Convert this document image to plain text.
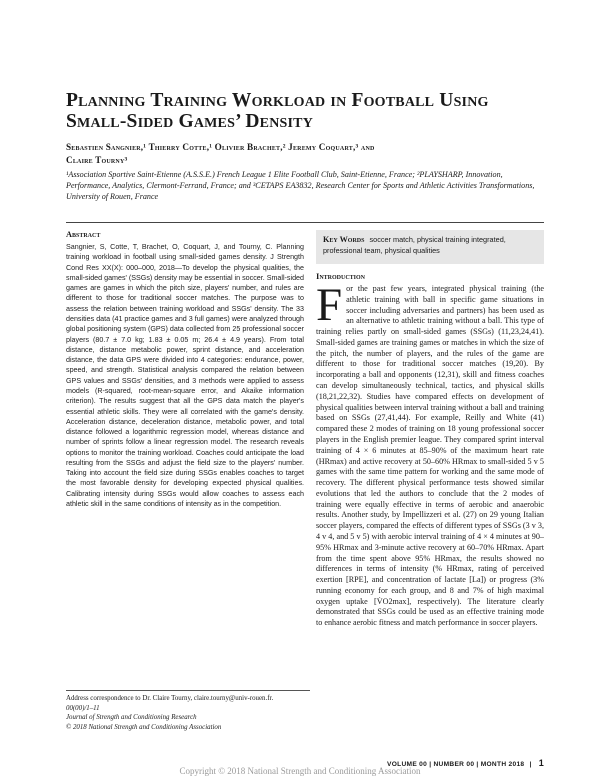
Planning Training Workload in Football Using
Small-Sided Games’ Density
Sebastien Sangnier,¹ Thierry Cotte,¹ Olivier Brachet,² Jeremy Coquart,³ and
Claire Tourny³
¹Association Sportive Saint-Etienne (A.S.S.E.) French League 1 Elite Football Club, Saint-Etienne, France; ²PLAYSHARP, Innovation, Performance, Analytics, Clermont-Ferrand, France; and ³CETAPS EA3832, Research Center for Sports and Athletic Activities Transformations, University of Rouen, France
Abstract
Sangnier, S, Cotte, T, Brachet, O, Coquart, J, and Tourny, C. Planning training workload in football using small-sided games density. J Strength Cond Res XX(X): 000–000, 2018—To develop the physical qualities, the small-sided games' (SSGs) density may be essential in soccer. Small-sided games are games in which the pitch size, players' number, and rules are different to those for traditional soccer matches. The purpose was to assess the relation between training workload and SSGs' density. The 33 densities data (41 practice games and 3 full games) were analyzed through global positioning system (GPS) data collected from 25 professional soccer players (80.7 ± 7.0 kg; 1.83 ± 0.05 m; 26.4 ± 4.9 years). From total distance, distance metabolic power, sprint distance, and acceleration distance, the data GPS were divided into 4 categories: endurance, power, speed, and strength. Statistical analysis compared the relation between GPS values and SSGs' densities, and 3 methods were applied to assess models (R-squared, root-mean-square error, and Akaike information criterion). The results suggest that all the GPS data match the player's essential athletic skills. They were all correlated with the game's density. Acceleration distance, deceleration distance, metabolic power, and total distance followed a logarithmic regression model, whereas distance and number of sprints follow a linear regression model. The research reveals options to monitor the training workload. Coaches could anticipate the load resulting from the SSGs and adjust the field size to the players' number. Taking into account the field size during SSGs enables coaches to target the most favorable density for developing expected physical qualities. Calibrating intensity during SSGs would allow coaches to assess each athletic skill in the same conditions of intensity as in the competition.
Key Words soccer match, physical training integrated, professional team, physical qualities
Introduction
F or the past few years, integrated physical training (the athletic training with ball in specific game situations in soccer including adversaries and partners) has been used as an alternative to athletic training without a ball. This type of training relies partly on small-sided games (SSGs) (11,23,24,41). Small-sided games are training games or matches in which the size of the pitch, the number of players, and the rules of the game are different to those for traditional soccer matches (19,20). By incorporating a ball and opponents (12,31), skill and fitness coaches can develop simultaneously technical, tactics, and physical skills (18,21,22,32). Studies have compared effects on development of physical qualities between interval training without a ball and training based on SSGs (27,41,44). For example, Reilly and White (41) compared these 2 modes of training on 18 young professional soccer players in the English premier league. They compared sprint interval training of 4 × 6 minutes at 85–90% of the maximum heart rate (HRmax) and active recovery at 50–60% HRmax to small-sided 5 v 5 games with the same time pattern for working and the same mode of recovery. The different physical performance tests showed similar evolutions that led the authors to conclude that the 2 modes of training were equally effective in terms of aerobic and anaerobic results. Another study, by Impellizzeri et al. (27) on 29 young Italian soccer players, compared the effects of different types of SSGs (3 v 3, 4 v 4, and 5 v 5) with aerobic interval training of 4 × 4 minutes at 90–95% HRmax and 3-minute active recovery at 60–70% HRmax. Apart from the time spent above 95% HRmax, the results showed no differences in terms of intensity (% HRmax, rating of perceived exertion [RPE], and concentration of lactate [La]) or progress (3% running economy for each group, and 8 and 7% of high maximal oxygen uptake [V̇O2max], respectively). The literature clearly demonstrated that SSGs could be used as an effective training mode to enhance aerobic fitness and match performance in soccer players.
Address correspondence to Dr. Claire Tourny, claire.tourny@univ-rouen.fr.
00(00)/1–11
Journal of Strength and Conditioning Research
© 2018 National Strength and Conditioning Association
VOLUME 00 | NUMBER 00 | MONTH 2018 | 1
Copyright © 2018 National Strength and Conditioning Association
